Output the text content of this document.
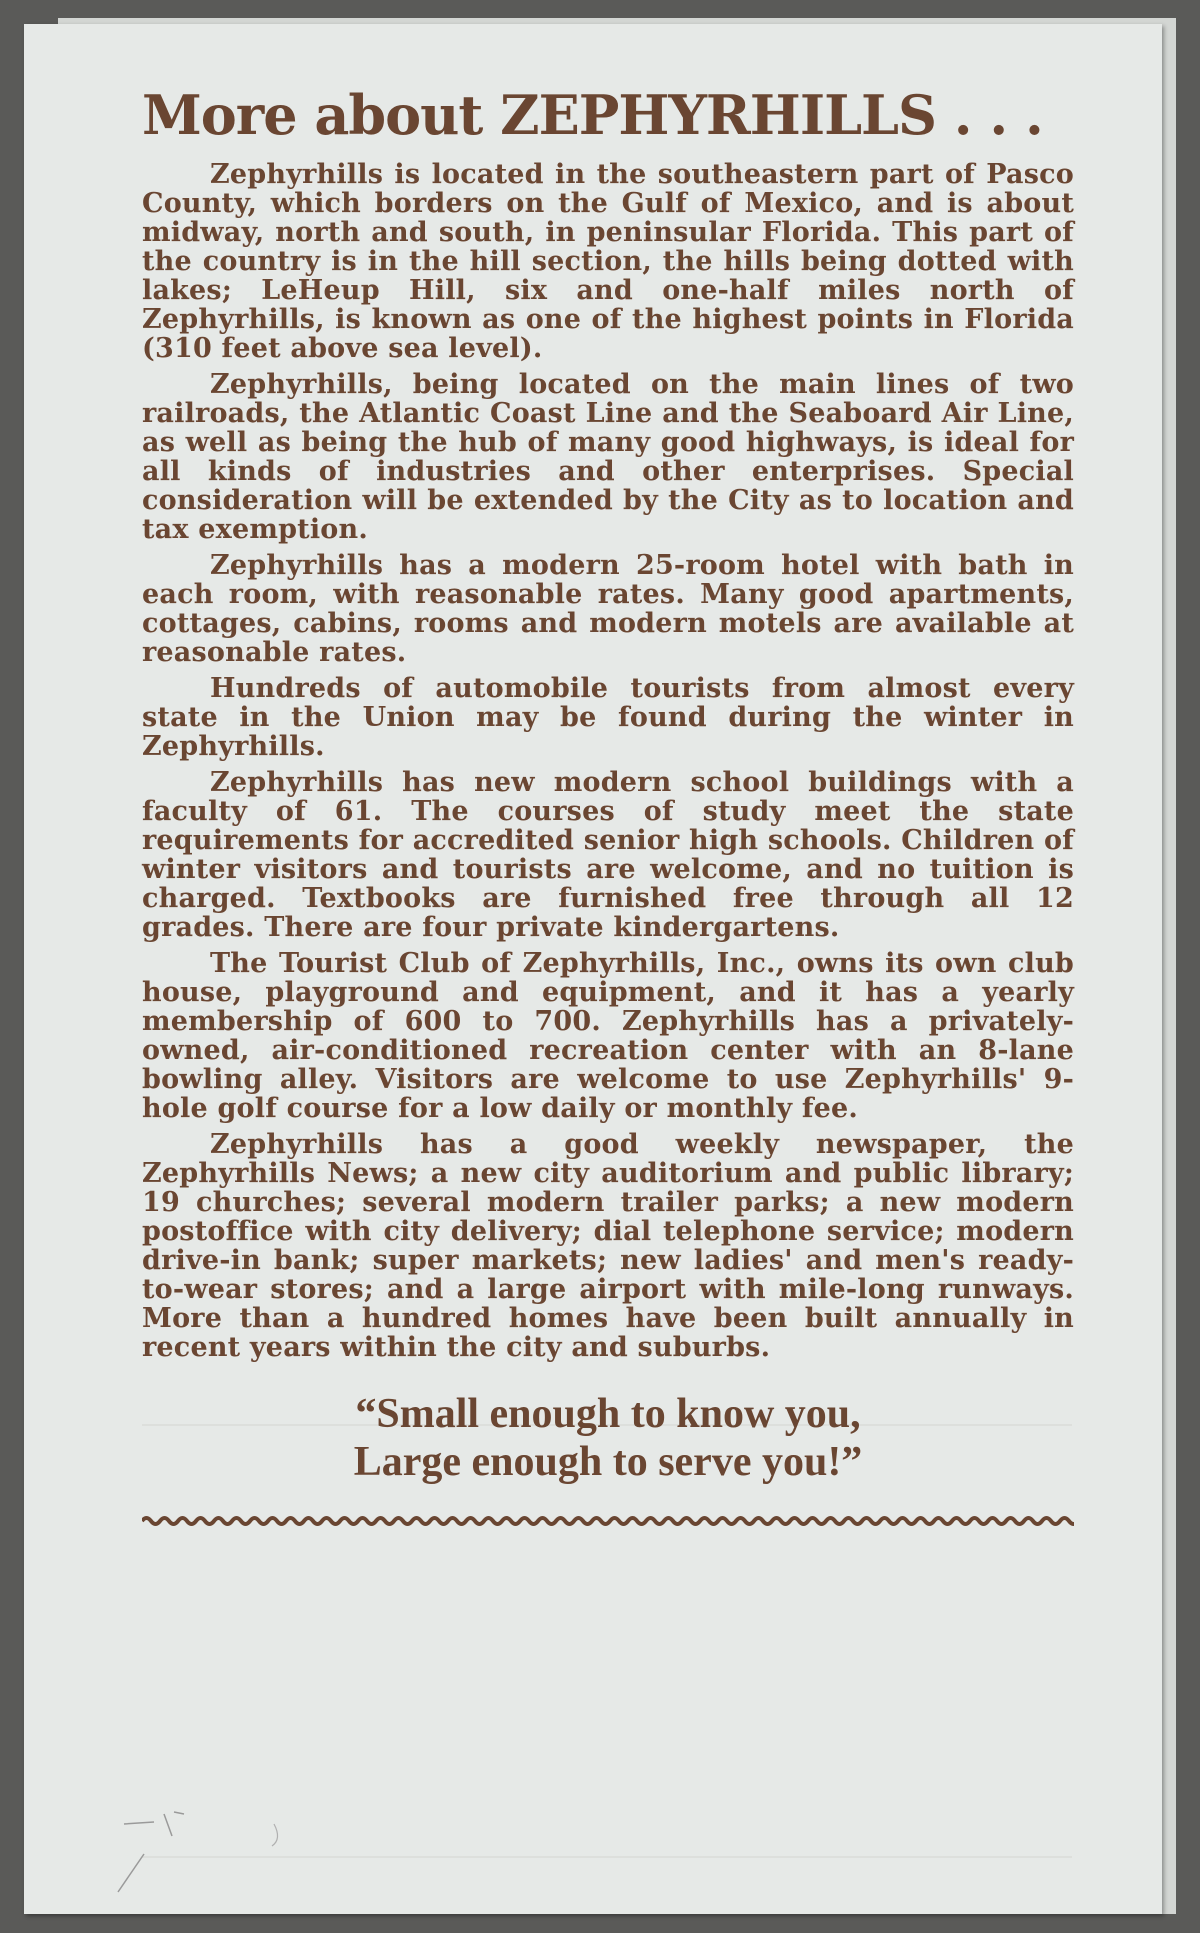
More about ZEPHYRHILLS . . .

Zephyrhills is located in the southeastern part of Pasco County, which borders on the Gulf of Mexico, and is about midway, north and south, in peninsular Florida. This part of the country is in the hill section, the hills being dotted with lakes; LeHeup Hill, six and one-half miles north of Zephyrhills, is known as one of the highest points in Florida (310 feet above sea level).

Zephyrhills, being located on the main lines of two railroads, the Atlantic Coast Line and the Seaboard Air Line, as well as being the hub of many good highways, is ideal for all kinds of industries and other enterprises. Special consideration will be extended by the City as to location and tax exemption.

Zephyrhills has a modern 25-room hotel with bath in each room, with reasonable rates. Many good apartments, cottages, cabins, rooms and modern motels are available at reasonable rates.

Hundreds of automobile tourists from almost every state in the Union may be found during the winter in Zephyrhills.

Zephyrhills has new modern school buildings with a faculty of 61. The courses of study meet the state requirements for accredited senior high schools. Children of winter visitors and tourists are welcome, and no tuition is charged. Textbooks are furnished free through all 12 grades. There are four private kindergartens.

The Tourist Club of Zephyrhills, Inc., owns its own club house, playground and equipment, and it has a yearly membership of 600 to 700. Zephyrhills has a privately-owned, air-conditioned recreation center with an 8-lane bowling alley. Visitors are welcome to use Zephyrhills' 9-hole golf course for a low daily or monthly fee.

Zephyrhills has a good weekly newspaper, the Zephyrhills News; a new city auditorium and public library; 19 churches; several modern trailer parks; a new modern postoffice with city delivery; dial telephone service; modern drive-in bank; super markets; new ladies' and men's ready-to-wear stores; and a large airport with mile-long runways. More than a hundred homes have been built annually in recent years within the city and suburbs.

“Small enough to know you,
Large enough to serve you!”
